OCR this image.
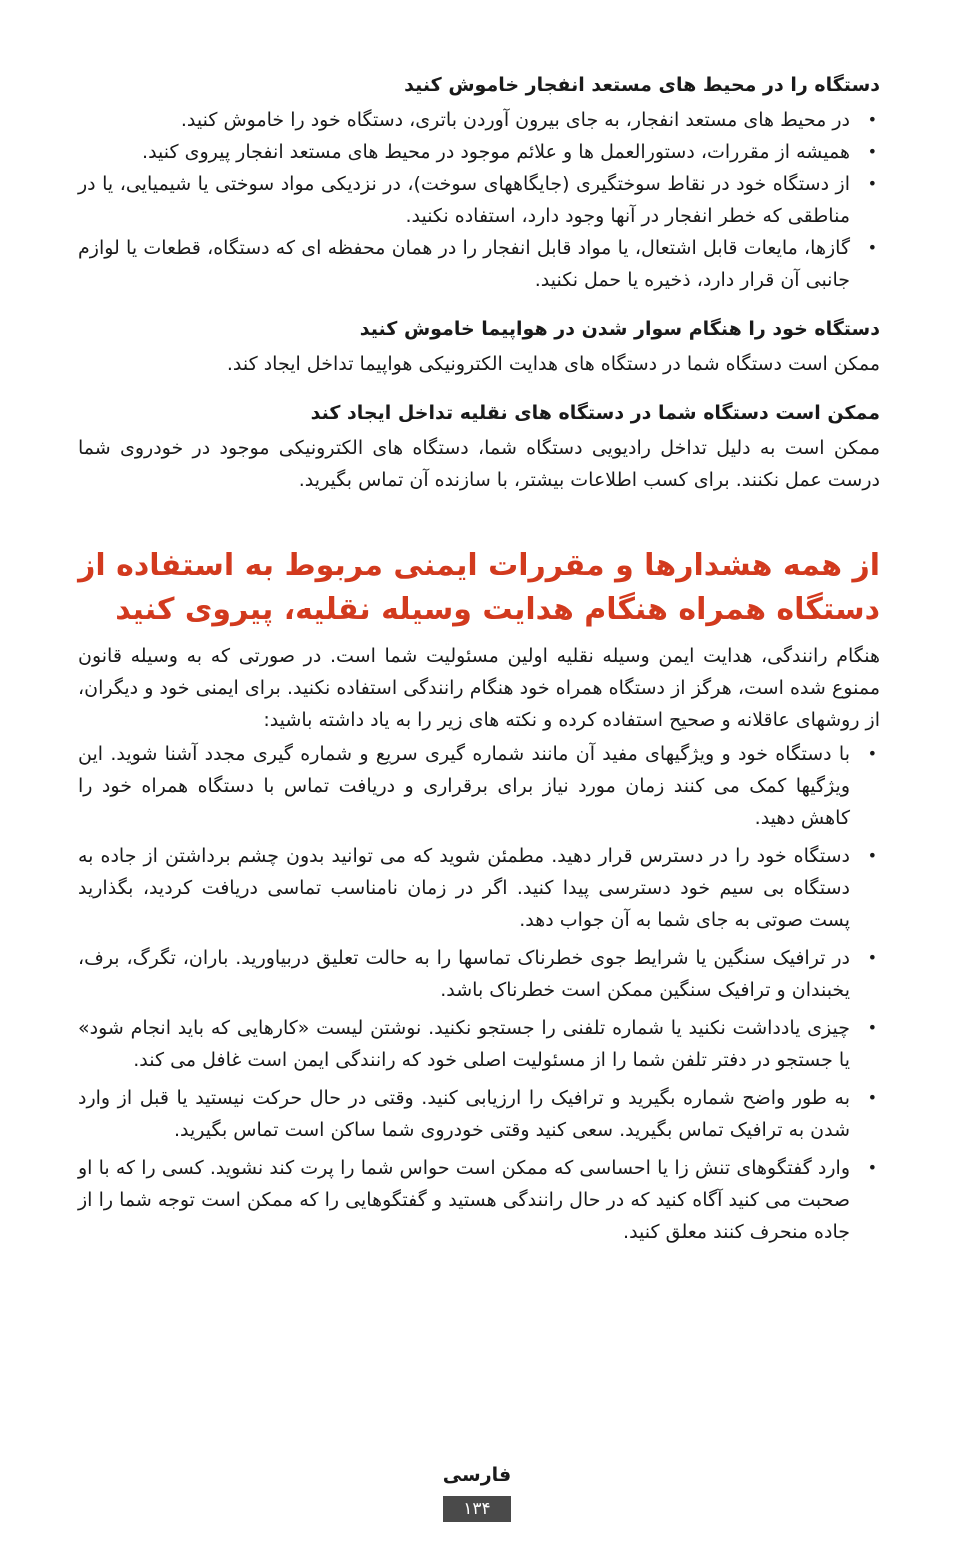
دستگاه را در محیط های مستعد انفجار خاموش کنید
•
در محیط های مستعد انفجار، به جای بیرون آوردن باتری، دستگاه خود را خاموش کنید.
•
همیشه از مقررات، دستورالعمل ها و علائم موجود در محیط های مستعد انفجار پیروی کنید.
•
از دستگاه خود در نقاط سوختگیری (جایگاههای سوخت)، در نزدیکی مواد سوختی یا شیمیایی، یا در مناطقی که خطر انفجار در آنها وجود دارد، استفاده نکنید.
•
گازها، مایعات قابل اشتعال، یا مواد قابل انفجار را در همان محفظه ای که دستگاه، قطعات یا لوازم جانبی آن قرار دارد، ذخیره یا حمل نکنید.
دستگاه خود را هنگام سوار شدن در هواپیما خاموش کنید

ممکن است دستگاه شما در دستگاه های هدایت الکترونیکی هواپیما تداخل ایجاد کند.

ممکن است دستگاه شما در دستگاه های نقلیه تداخل ایجاد کند

ممکن است به دلیل تداخل رادیویی دستگاه شما، دستگاه های الکترونیکی موجود در خودروی شما درست عمل نکنند. برای کسب اطلاعات بیشتر، با سازنده آن تماس بگیرید.

از همه هشدارها و مقررات ایمنی مربوط به استفاده از دستگاه همراه هنگام هدایت وسیله نقلیه، پیروی کنید

هنگام رانندگی، هدایت ایمن وسیله نقلیه اولین مسئولیت شما است. در صورتی که به وسیله قانون ممنوع شده است، هرگز از دستگاه همراه خود هنگام رانندگی استفاده نکنید. برای ایمنی خود و دیگران، از روشهای عاقلانه و صحیح استفاده کرده و نکته های زیر را به یاد داشته باشید:

•
با دستگاه خود و ویژگیهای مفید آن مانند شماره گیری سریع و شماره گیری مجدد آشنا شوید. این ویژگیها کمک می کنند زمان مورد نیاز برای برقراری و دریافت تماس با دستگاه همراه خود را کاهش دهید.
•
دستگاه خود را در دسترس قرار دهید. مطمئن شوید که می توانید بدون چشم برداشتن از جاده به دستگاه بی سیم خود دسترسی پیدا کنید. اگر در زمان نامناسب تماسی دریافت کردید، بگذارید پست صوتی به جای شما به آن جواب دهد.
•
در ترافیک سنگین یا شرایط جوی خطرناک تماسها را به حالت تعلیق دربیاورید. باران، تگرگ، برف، یخبندان و ترافیک سنگین ممکن است خطرناک باشد.
•
چیزی یادداشت نکنید یا شماره تلفنی را جستجو نکنید. نوشتن لیست «کارهایی که باید انجام شود» یا جستجو در دفتر تلفن شما را از مسئولیت اصلی خود که رانندگی ایمن است غافل می کند.
•
به طور واضح شماره بگیرید و ترافیک را ارزیابی کنید. وقتی در حال حرکت نیستید یا قبل از وارد شدن به ترافیک تماس بگیرید. سعی کنید وقتی خودروی شما ساکن است تماس بگیرید.
•
وارد گفتگوهای تنش زا یا احساسی که ممکن است حواس شما را پرت کند نشوید. کسی را که با او صحبت می کنید آگاه کنید که در حال رانندگی هستید و گفتگوهایی را که ممکن است توجه شما را از جاده منحرف کنند معلق کنید.
فارسی
۱۳۴
